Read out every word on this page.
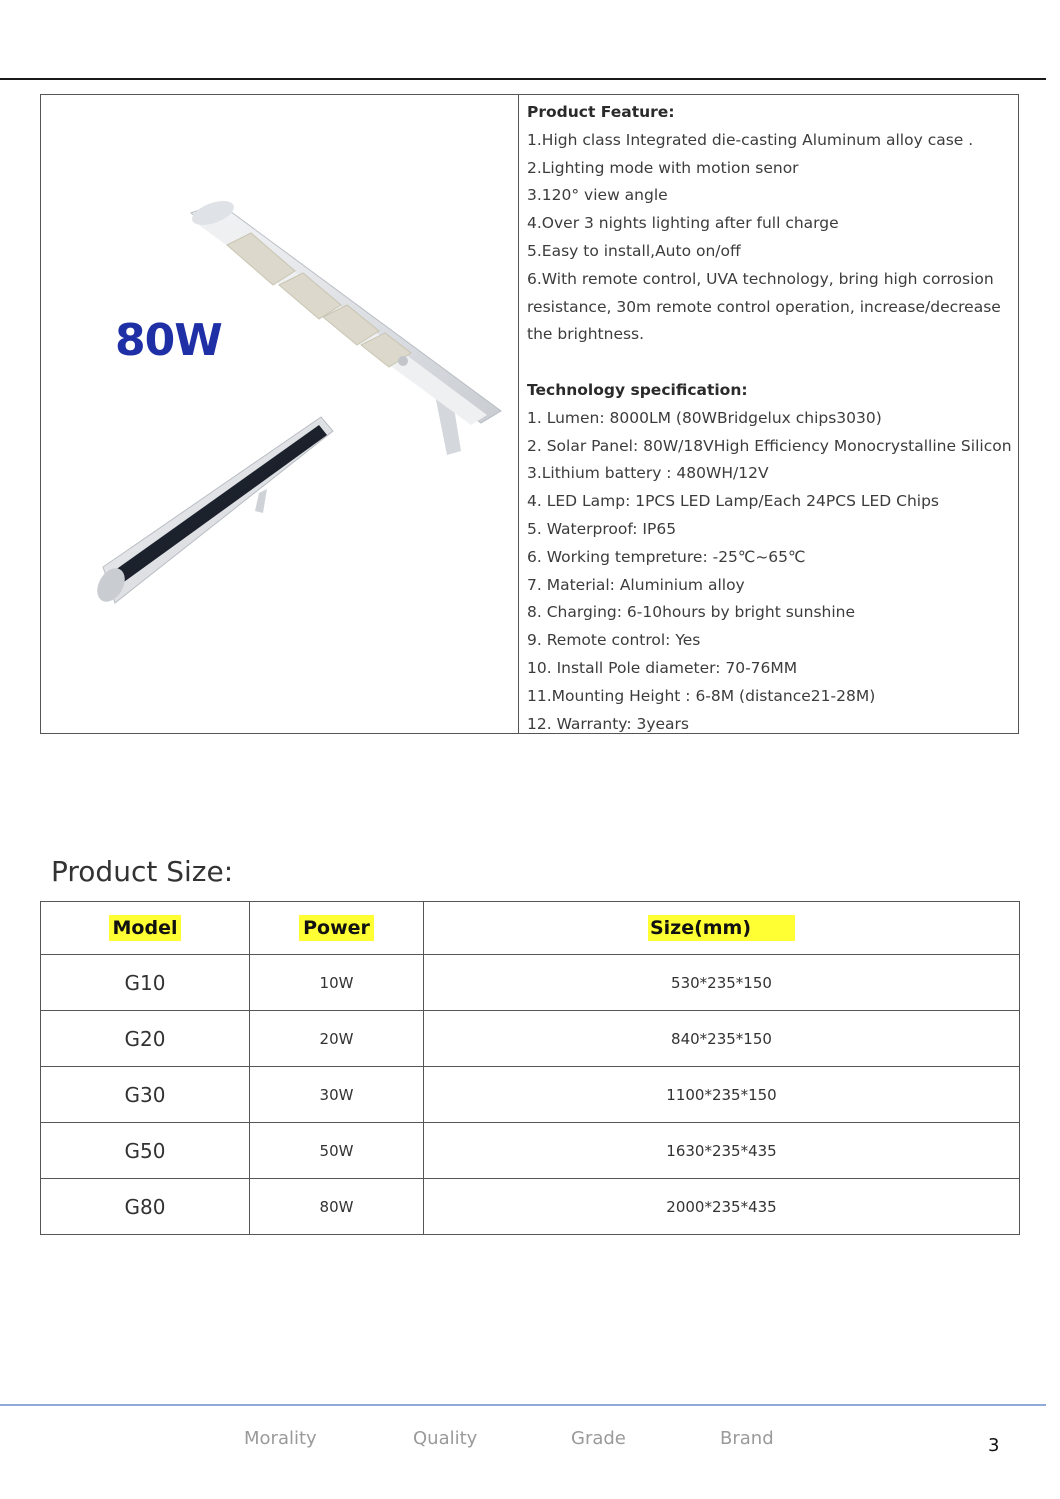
80W
Product Feature:
1.High class Integrated die-casting Aluminum alloy case .
2.Lighting mode with motion senor
3.120° view angle
4.Over 3 nights lighting after full charge
5.Easy to install,Auto on/off
6.With remote control, UVA technology, bring high corrosion
resistance, 30m remote control operation, increase/decrease
the brightness.
Technology specification:
1. Lumen: 8000LM (80WBridgelux chips3030)
2. Solar Panel: 80W/18VHigh Efficiency Monocrystalline Silicon
3.Lithium battery : 480WH/12V
4. LED Lamp: 1PCS LED Lamp/Each 24PCS LED Chips
5. Waterproof: IP65
6. Working tempreture: -25℃~65℃
7. Material: Aluminium alloy
8. Charging: 6-10hours by bright sunshine
9. Remote control: Yes
10. Install Pole diameter: 70-76MM
11.Mounting Height : 6-8M (distance21-28M)
12. Warranty: 3years
Product Size:
Model	Power	Size(mm)
G10	10W	530*235*150
G20	20W	840*235*150
G30	30W	1100*235*150
G50	50W	1630*235*435
G80	80W	2000*235*435
Morality	Quality	Grade	Brand	3
